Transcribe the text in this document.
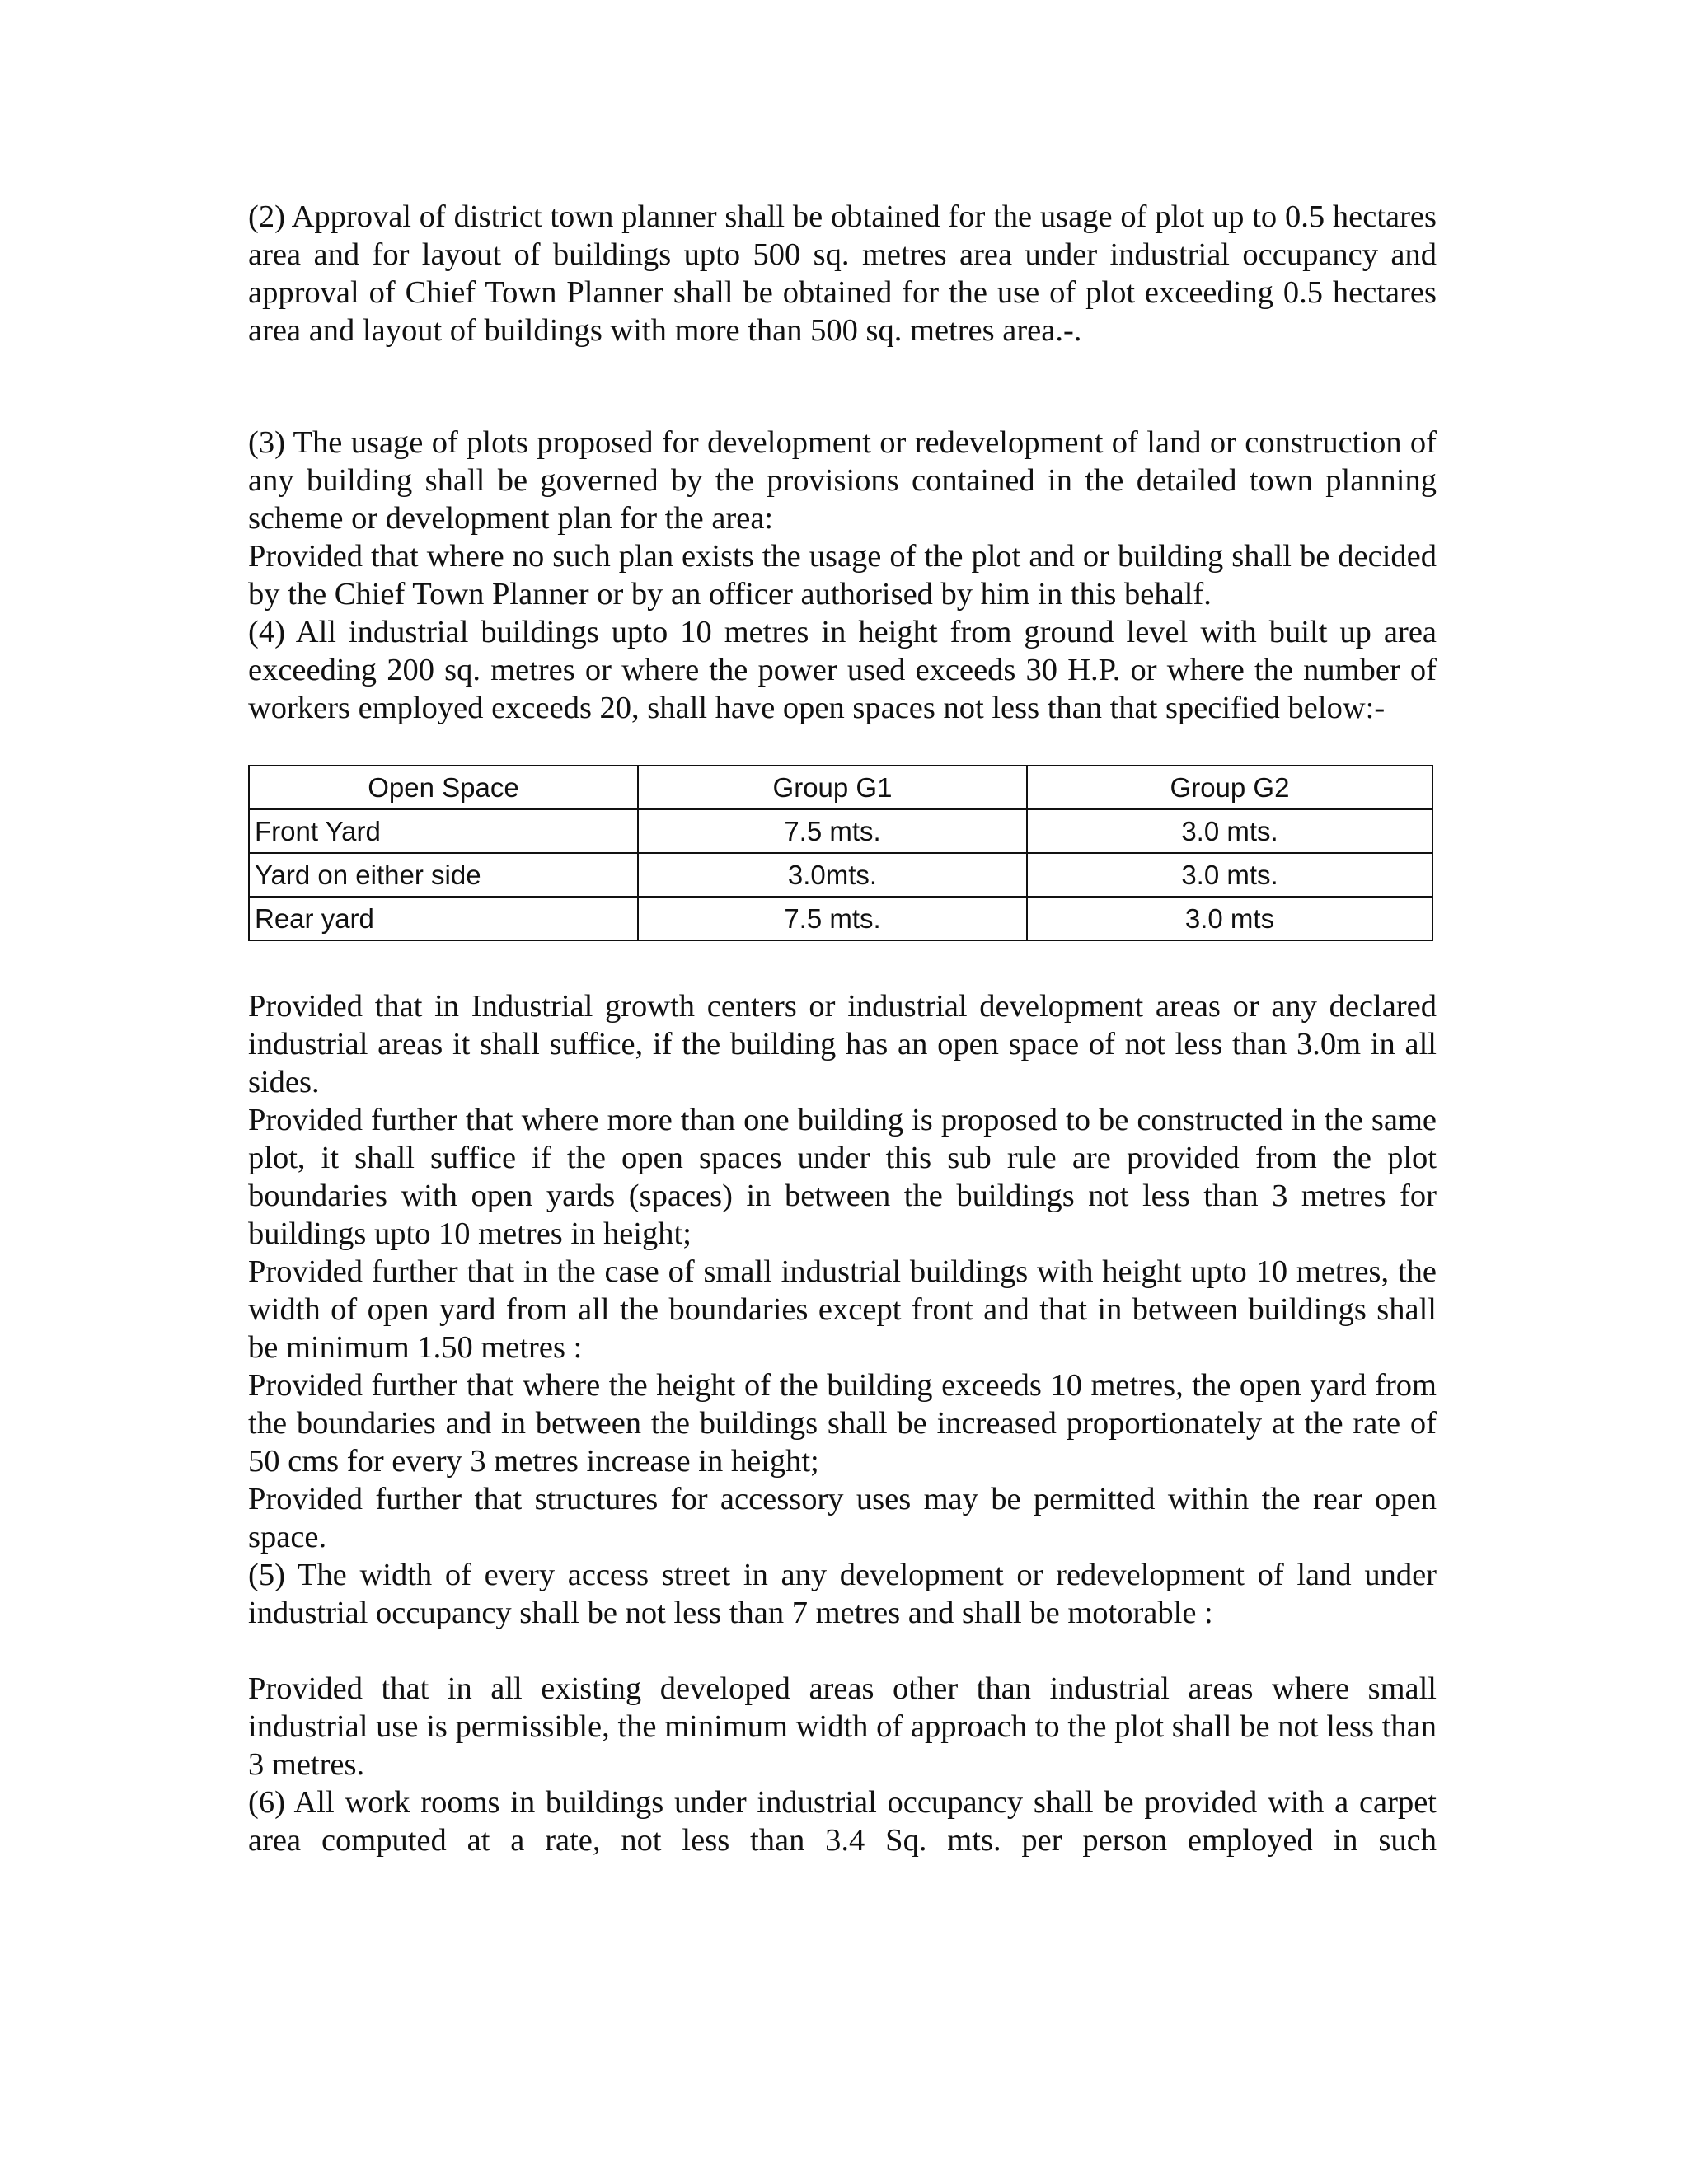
(2) Approval of district town planner shall be obtained for the usage of plot up to 0.5 hectares area and for layout of buildings upto 500 sq. metres area under industrial occupancy and approval of Chief Town Planner shall be obtained for the use of plot exceeding 0.5 hectares area and layout of buildings with more than 500 sq. metres area.-.

(3) The usage of plots proposed for development or redevelopment of land or construction of any building shall be governed by the provisions contained in the detailed town planning scheme or development plan for the area:

Provided that where no such plan exists the usage of the plot and or building shall be decided by the Chief Town Planner or by an officer authorised by him in this behalf.

(4) All industrial buildings upto 10 metres in height from ground level with built up area exceeding 200 sq. metres or where the power used exceeds 30 H.P. or where the number of workers employed exceeds 20, shall have open spaces not less than that specified below:-

Open Space	Group G1	Group G2
Front Yard	7.5 mts.	3.0 mts.
Yard on either side	3.0mts.	3.0 mts.
Rear yard	7.5 mts.	3.0 mts

Provided that in Industrial growth centers or industrial development areas or any declared industrial areas it shall suffice, if the building has an open space of not less than 3.0m in all sides.

Provided further that where more than one building is proposed to be constructed in the same plot, it shall suffice if the open spaces under this sub rule are provided from the plot boundaries with open yards (spaces) in between the buildings not less than 3 metres for buildings upto 10 metres in height;

Provided further that in the case of small industrial buildings with height upto 10 metres, the width of open yard from all the boundaries except front and that in between buildings shall be minimum 1.50 metres :

Provided further that where the height of the building exceeds 10 metres, the open yard from the boundaries and in between the buildings shall be increased proportionately at the rate of 50 cms for every 3 metres increase in height;

Provided further that structures for accessory uses may be permitted within the rear open space.

(5) The width of every access street in any development or redevelopment of land under industrial occupancy shall be not less than 7 metres and shall be motorable :

Provided that in all existing developed areas other than industrial areas where small industrial use is permissible, the minimum width of approach to the plot shall be not less than 3 metres.

(6) All work rooms in buildings under industrial occupancy shall be provided with a carpet area computed at a rate, not less than 3.4 Sq. mts. per person employed in such
